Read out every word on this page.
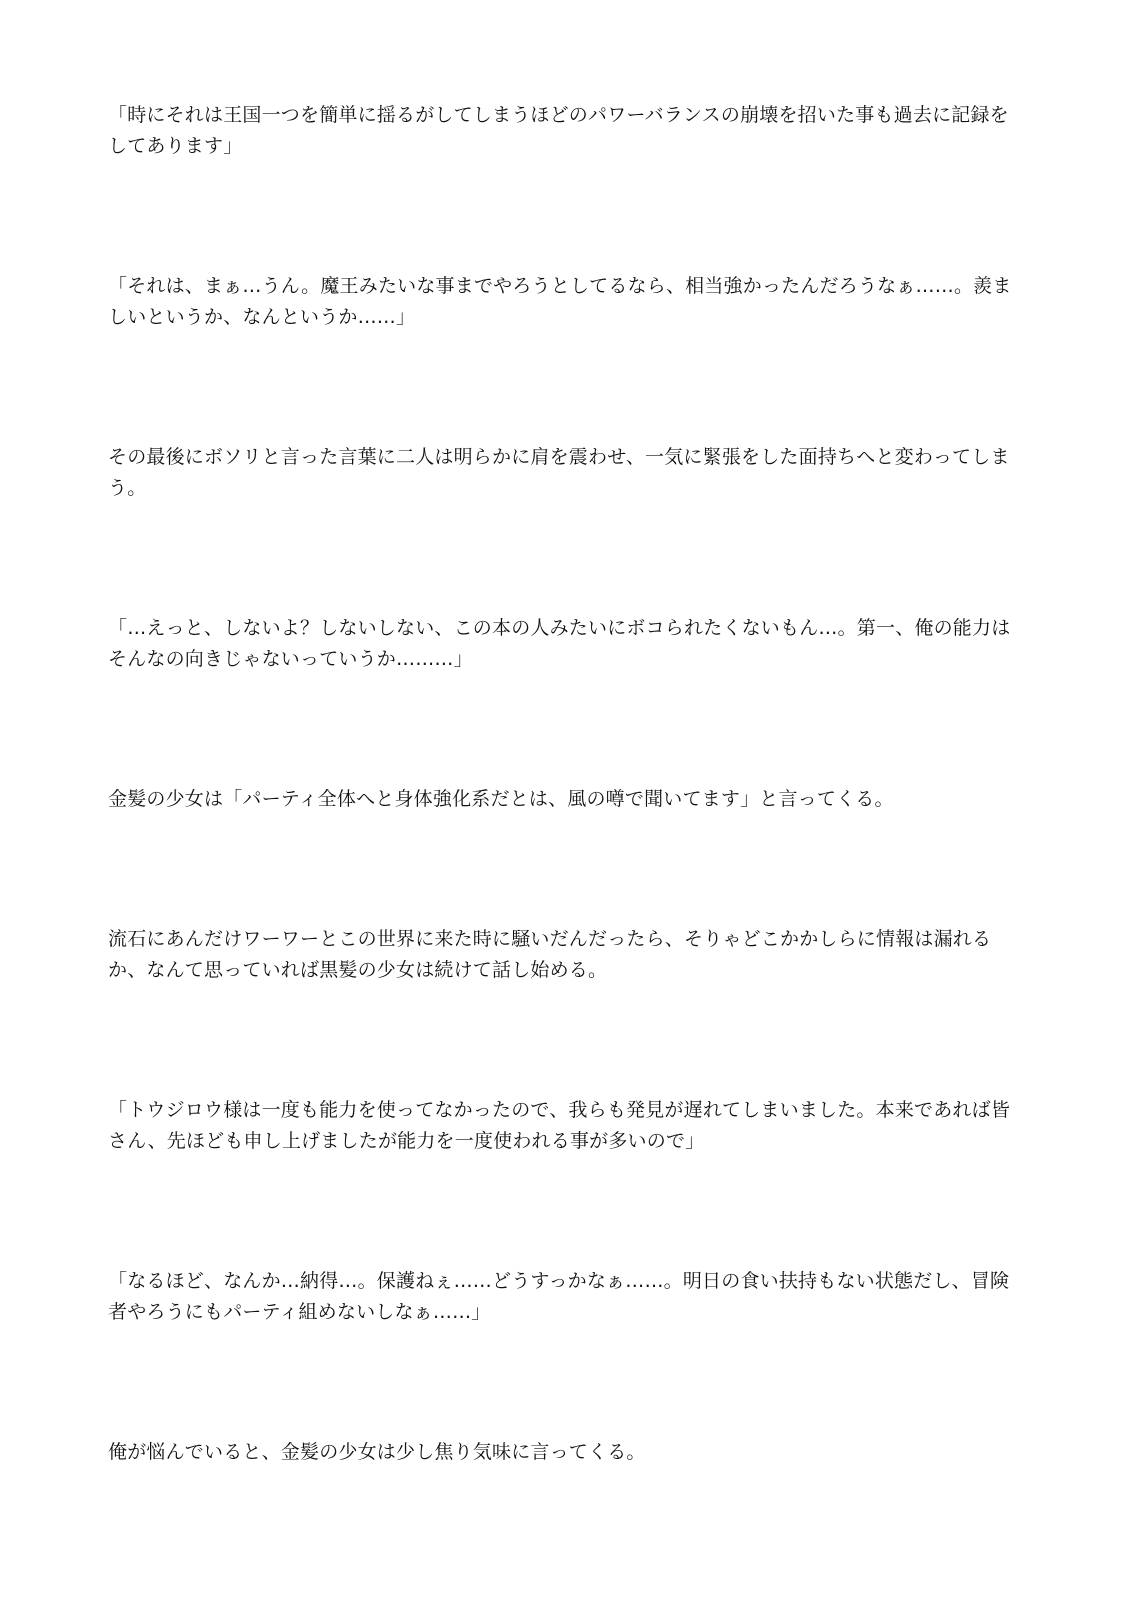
「時にそれは王国一つを簡単に揺るがしてしまうほどのパワーバランスの崩壊を招いた事も過去に記録をしてあります」

「それは、まぁ…うん。魔王みたいな事までやろうとしてるなら、相当強かったんだろうなぁ……。羨ましいというか、なんというか……」

その最後にボソリと言った言葉に二人は明らかに肩を震わせ、一気に緊張をした面持ちへと変わってしまう。

「…えっと、しないよ？しないしない、この本の人みたいにボコられたくないもん…。第一、俺の能力はそんなの向きじゃないっていうか………」

金髪の少女は「パーティ全体へと身体強化系だとは、風の噂で聞いてます」と言ってくる。

流石にあんだけワーワーとこの世界に来た時に騒いだんだったら、そりゃどこかかしらに情報は漏れるか、なんて思っていれば黒髪の少女は続けて話し始める。

「トウジロウ様は一度も能力を使ってなかったので、我らも発見が遅れてしまいました。本来であれば皆さん、先ほども申し上げましたが能力を一度使われる事が多いので」

「なるほど、なんか…納得…。保護ねぇ……どうすっかなぁ……。明日の食い扶持もない状態だし、冒険者やろうにもパーティ組めないしなぁ……」

俺が悩んでいると、金髪の少女は少し焦り気味に言ってくる。
